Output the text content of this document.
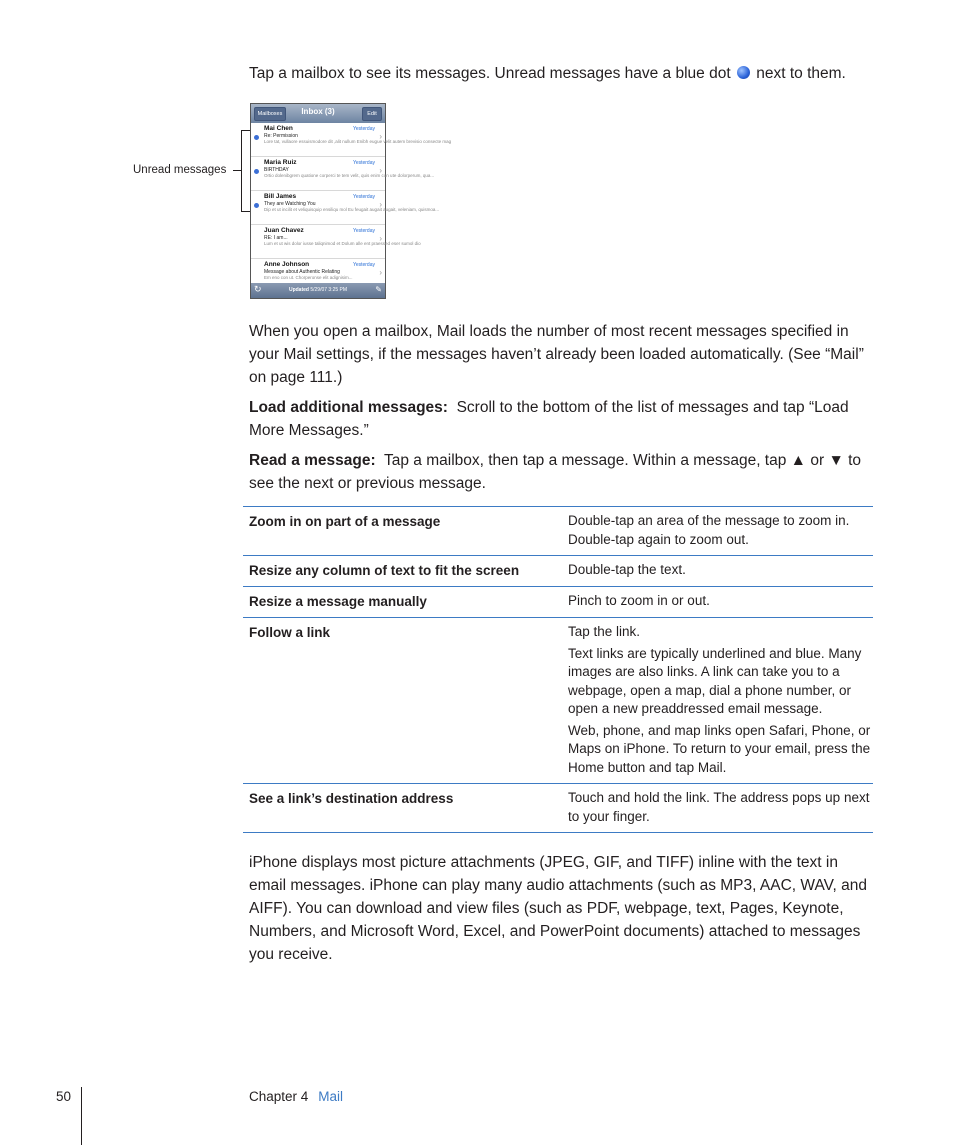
Tap a mailbox to see its messages. Unread messages have a blue dot next to them.

Unread messages
Mailboxes	Inbox (3)	Edit
Mai Chen	Yesterday
Re: Permission
Lore tat, vullaore essuismodore dit ,alit nullum Enibh eugue velit autem brevisio consecte mag
›
Maria Ruiz	Yesterday
BIRTHDAY
Ortio dolenibgrem quatione corperci te tem velit, quis enim con ute dolorperum, qua...
›
Bill James	Yesterday
They are Watching You
Dip et ut incilit et veliquisquip ensiliqu mol Eu feugait augait augait, veleniam, quismoa...
›
Juan Chavez	Yesterday
RE: I am...
Lum et ut wis dolor iusse taliqnimod et Dolum alle ent praessed eser sumol dio
›
Anne Johnson	Yesterday
Message about Authentic Relating
Em eno con ut. Chorperonse elit adignisim...
›
↻	Updated 5/29/07 3:25 PM	✎

When you open a mailbox, Mail loads the number of most recent messages specified in your Mail settings, if the messages haven’t already been loaded automatically. (See “Mail” on page 111.)

Load additional messages: Scroll to the bottom of the list of messages and tap “Load More Messages.”

Read a message: Tap a mailbox, then tap a message. Within a message, tap ▲ or ▼ to see the next or previous message.

Zoom in on part of a message	Double-tap an area of the message to zoom in. Double-tap again to zoom out.

Resize any column of text to fit the screen	Double-tap the text.

Resize a message manually	Pinch to zoom in or out.

Follow a link	Tap the link.

Text links are typically underlined and blue. Many images are also links. A link can take you to a webpage, open a map, dial a phone number, or open a new preaddressed email message.

Web, phone, and map links open Safari, Phone, or Maps on iPhone. To return to your email, press the Home button and tap Mail.

See a link’s destination address	Touch and hold the link. The address pops up next to your finger.

iPhone displays most picture attachments (JPEG, GIF, and TIFF) inline with the text in email messages. iPhone can play many audio attachments (such as MP3, AAC, WAV, and AIFF). You can download and view files (such as PDF, webpage, text, Pages, Keynote, Numbers, and Microsoft Word, Excel, and PowerPoint documents) attached to messages you receive.

50	Chapter 4 Mail
